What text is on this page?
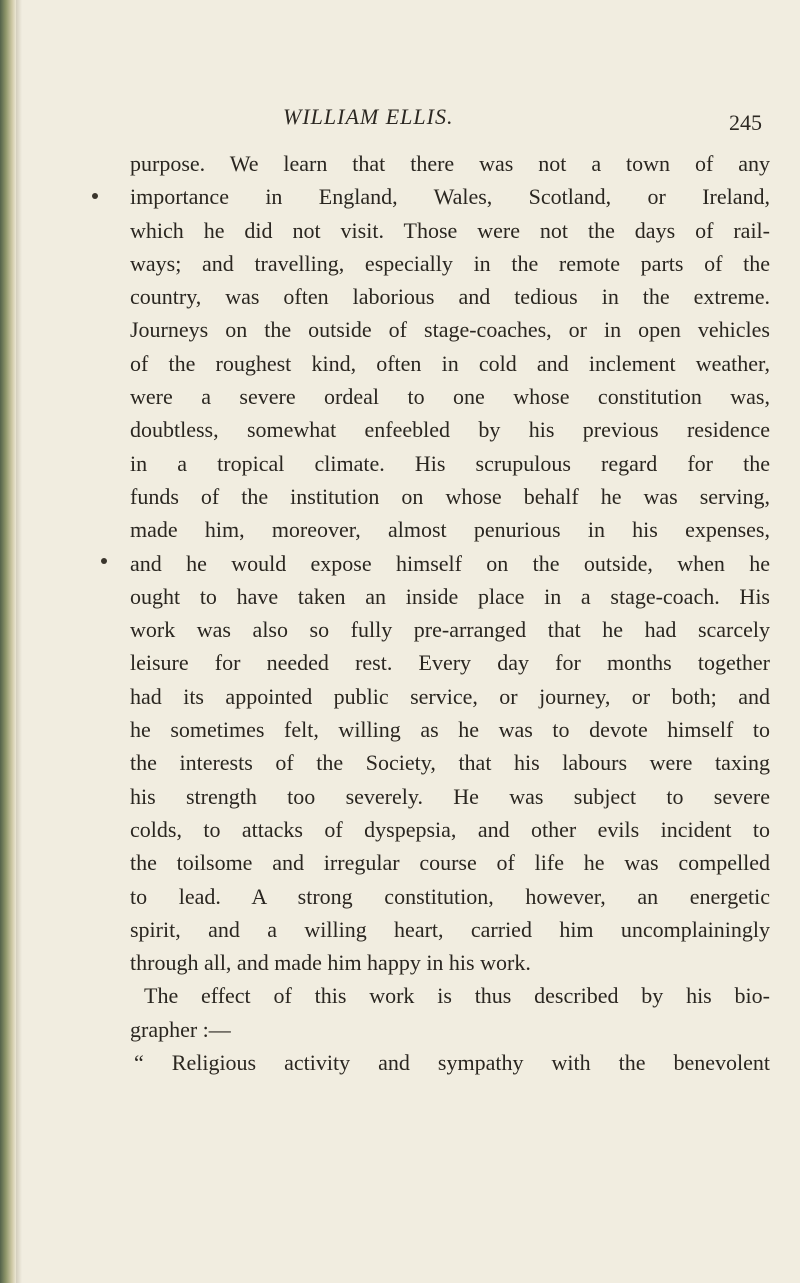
WILLIAM ELLIS.	245
purpose. We learn that there was not a town of any
importance in England, Wales, Scotland, or Ireland,
which he did not visit. Those were not the days of rail-
ways; and travelling, especially in the remote parts of the
country, was often laborious and tedious in the extreme.
Journeys on the outside of stage-coaches, or in open vehicles
of the roughest kind, often in cold and inclement weather,
were a severe ordeal to one whose constitution was,
doubtless, somewhat enfeebled by his previous residence
in a tropical climate. His scrupulous regard for the
funds of the institution on whose behalf he was serving,
made him, moreover, almost penurious in his expenses,
and he would expose himself on the outside, when he
ought to have taken an inside place in a stage-coach. His
work was also so fully pre-arranged that he had scarcely
leisure for needed rest. Every day for months together
had its appointed public service, or journey, or both; and
he sometimes felt, willing as he was to devote himself to
the interests of the Society, that his labours were taxing
his strength too severely. He was subject to severe
colds, to attacks of dyspepsia, and other evils incident to
the toilsome and irregular course of life he was compelled
to lead. A strong constitution, however, an energetic
spirit, and a willing heart, carried him uncomplainingly
through all, and made him happy in his work.
The effect of this work is thus described by his bio-
grapher :—
“ Religious activity and sympathy with the benevolent
